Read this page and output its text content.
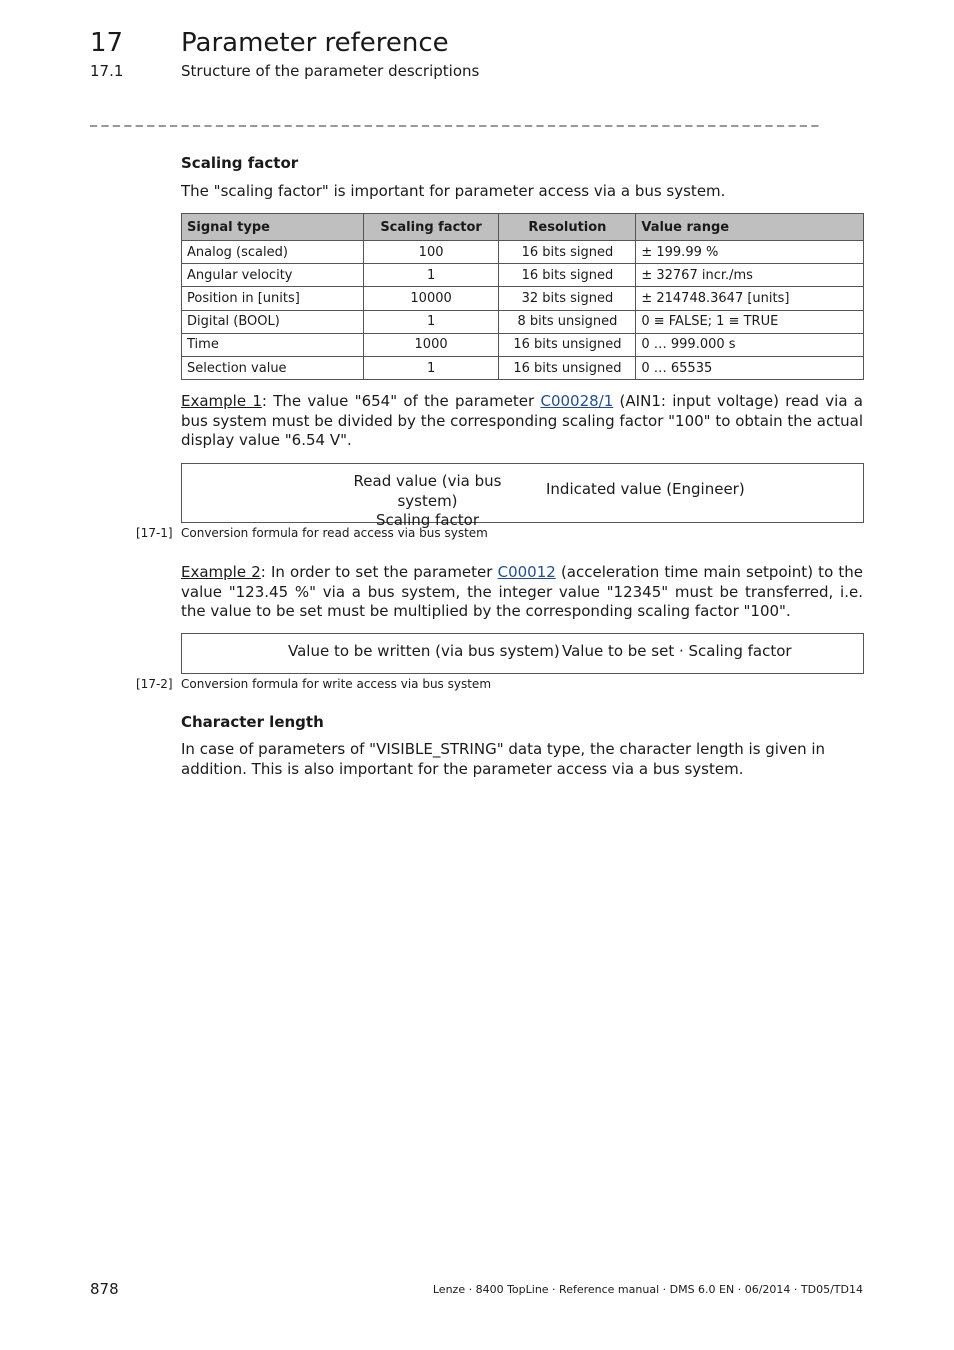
17 Parameter reference
17.1	Structure of the parameter descriptions
_ _ _ _ _ _ _ _ _ _ _ _ _ _ _ _ _ _ _ _ _ _ _ _ _ _ _ _ _ _ _ _ _ _ _ _ _ _ _ _ _ _ _ _ _ _ _ _ _ _ _ _ _ _ _ _ _ _ _ _ _ _ _ _
Scaling factor
The "scaling factor" is important for parameter access via a bus system.
Signal type	Scaling factor	Resolution	Value range
Analog (scaled)	100	16 bits signed	± 199.99 %
Angular velocity	1	16 bits signed	± 32767 incr./ms
Position in [units]	10000	32 bits signed	± 214748.3647 [units]
Digital (BOOL)	1	8 bits unsigned	0 ≡ FALSE; 1 ≡ TRUE
Time	1000	16 bits unsigned	0 … 999.000 s
Selection value	1	16 bits unsigned	0 … 65535
Example 1: The value "654" of the parameter C00028/1 (AIN1: input voltage) read via a bus system must be divided by the corresponding scaling factor "100" to obtain the actual display value "6.54 V".
Read value (via bus system)
Scaling factor
Indicated value (Engineer)
[17-1] Conversion formula for read access via bus system
Example 2: In order to set the parameter C00012 (acceleration time main setpoint) to the value "123.45 %" via a bus system, the integer value "12345" must be transferred, i.e. the value to be set must be multiplied by the corresponding scaling factor "100".
Value to be written (via bus system) Value to be set · Scaling factor
[17-2] Conversion formula for write access via bus system
Character length
In case of parameters of "VISIBLE_STRING" data type, the character length is given in addition. This is also important for the parameter access via a bus system.
878	Lenze · 8400 TopLine · Reference manual · DMS 6.0 EN · 06/2014 · TD05/TD14
